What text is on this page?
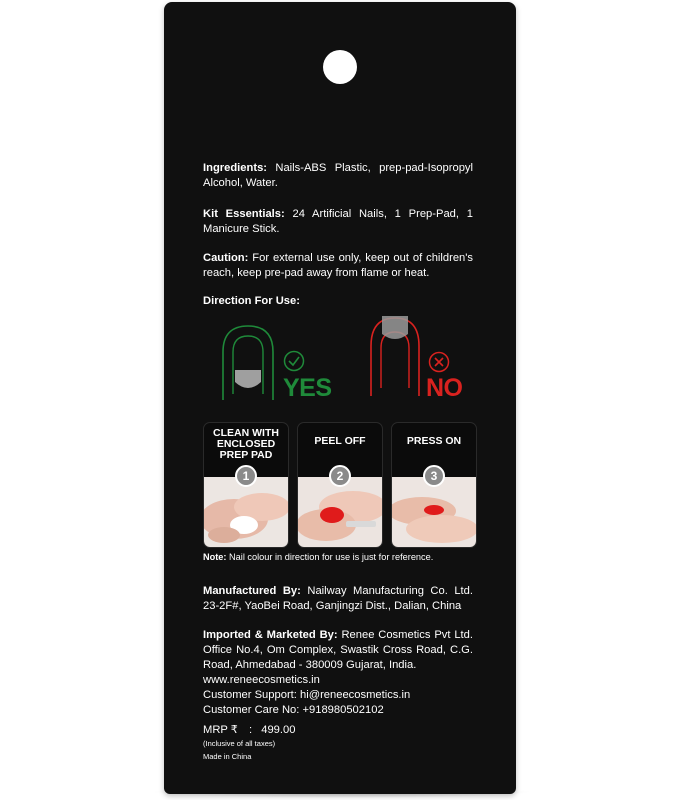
Ingredients: Nails-ABS Plastic, prep-pad-Isopropyl Alcohol, Water.
Kit Essentials: 24 Artificial Nails, 1 Prep-Pad, 1 Manicure Stick.
Caution: For external use only, keep out of children's reach, keep pre-pad away from flame or heat.
Direction For Use:
YES	NO
CLEAN WITH ENCLOSED PREP PAD
1
PEEL OFF
2
PRESS ON
3
Note: Nail colour in direction for use is just for reference.
Manufactured By: Nailway Manufacturing Co. Ltd. 23-2F#, YaoBei Road, Ganjingzi Dist., Dalian, China
Imported & Marketed By: Renee Cosmetics Pvt Ltd. Office No.4, Om Complex, Swastik Cross Road, C.G. Road, Ahmedabad - 380009 Gujarat, India.
www.reneecosmetics.in
Customer Support: hi@reneecosmetics.in
Customer Care No: +918980502102
MRP ₹ : 499.00
(Inclusive of all taxes)
Made in China
